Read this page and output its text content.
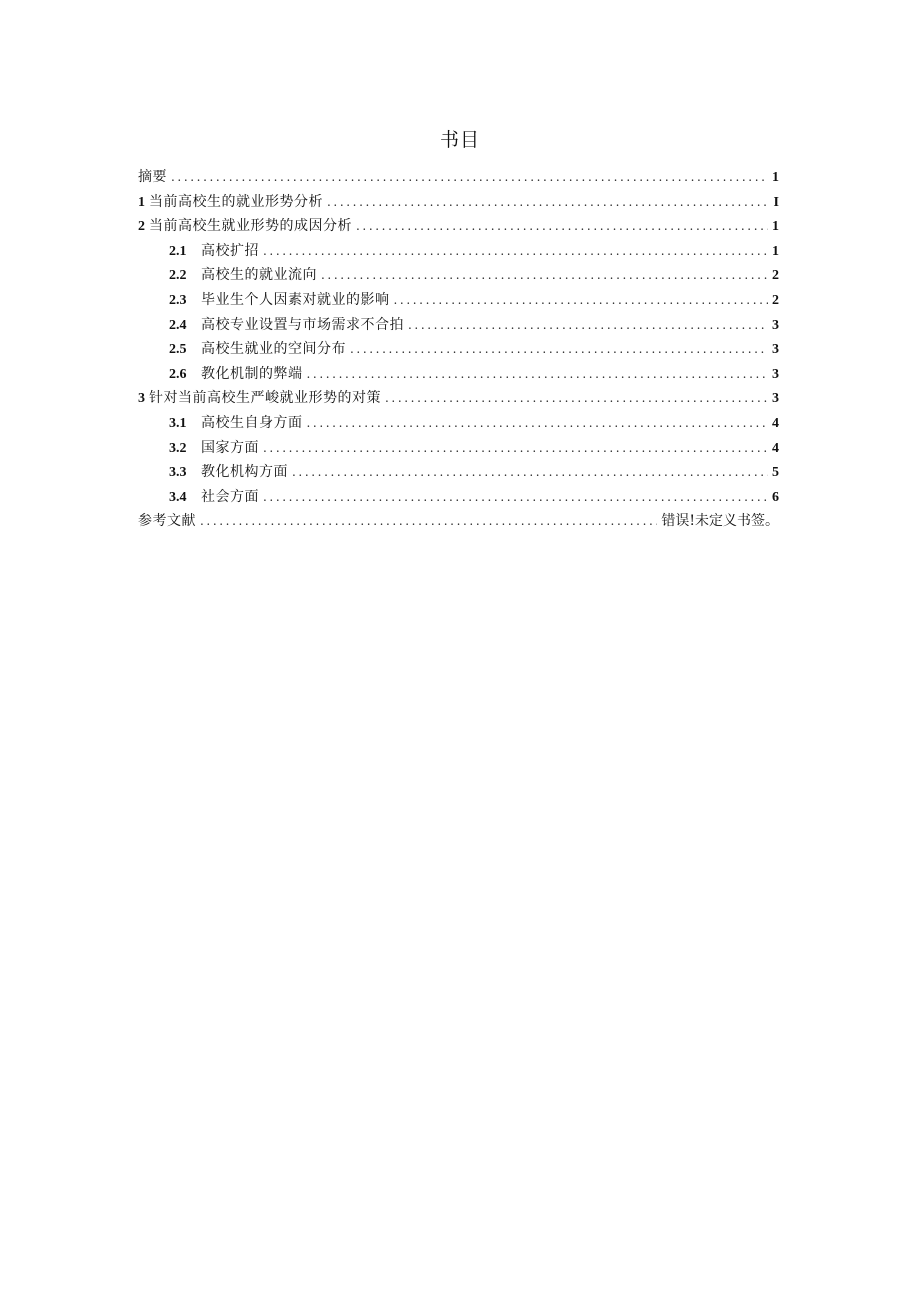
书目
摘要 .....	1
1 当前高校生的就业形势分析 .....	I
2 当前高校生就业形势的成因分析 .....	1
2.1	高校扩招 .....	1
2.2	高校生的就业流向 .....	2
2.3	毕业生个人因素对就业的影响 .....	2
2.4	高校专业设置与市场需求不合拍 .....	3
2.5	高校生就业的空间分布 .....	3
2.6	教化机制的弊端 .....	3
3 针对当前高校生严峻就业形势的对策 .....	3
3.1	高校生自身方面 .....	4
3.2	国家方面 .....	4
3.3	教化机构方面 .....	5
3.4	社会方面 .....	6
参考文献 .....	错误!未定义书签。
